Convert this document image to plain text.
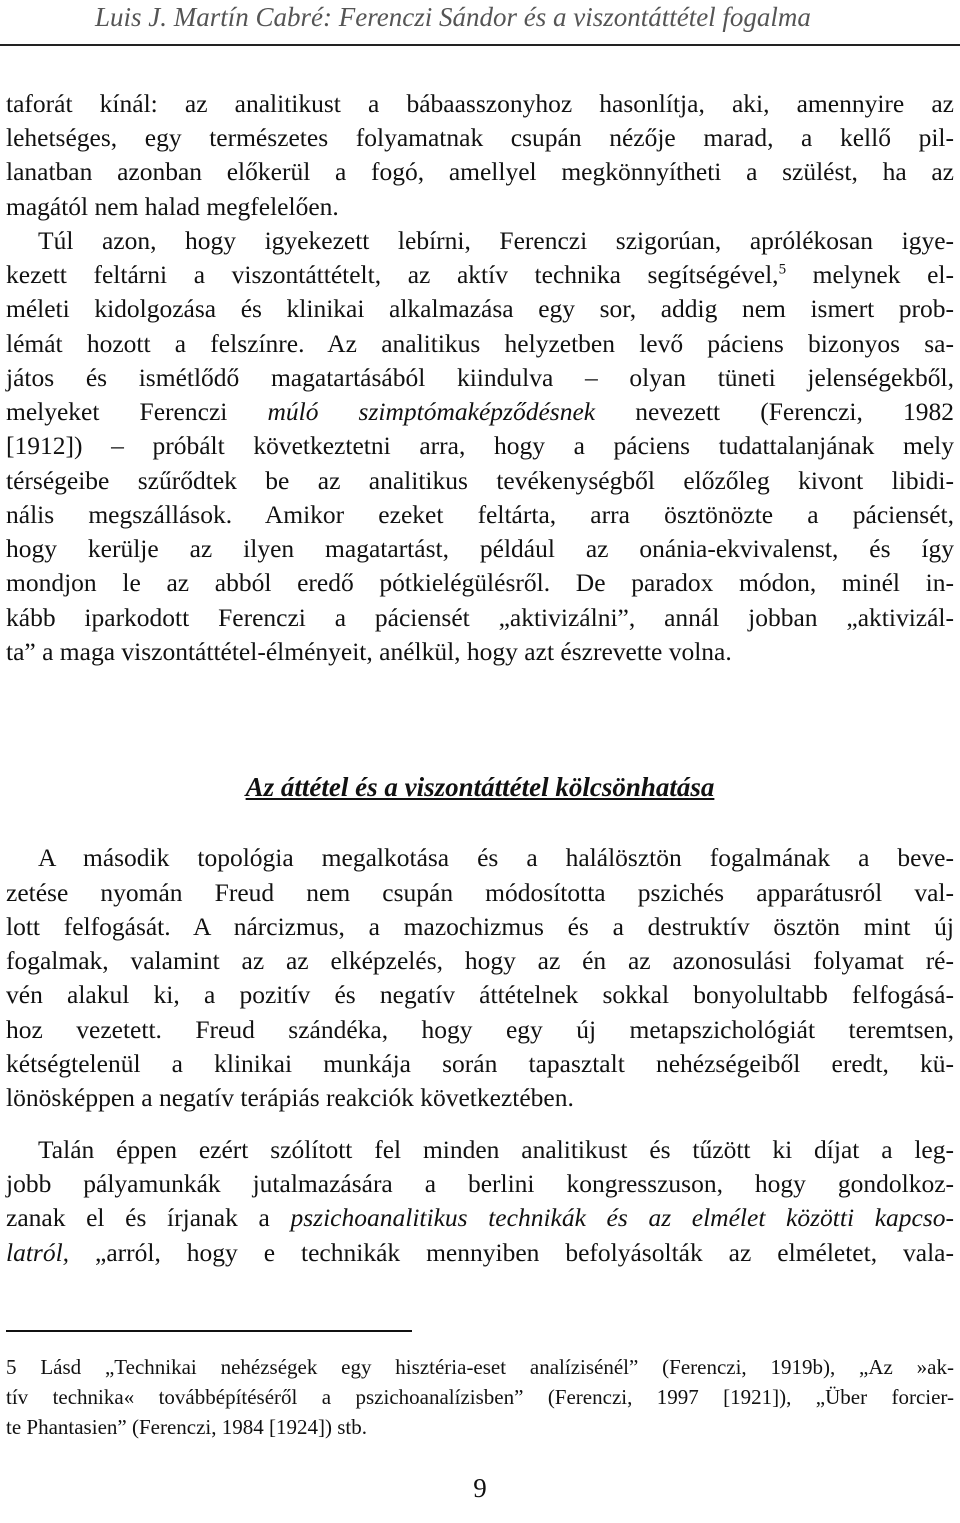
Luis J. Martín Cabré: Ferenczi Sándor és a viszontáttétel fogalma
taforát kínál: az analitikust a bábaasszonyhoz hasonlítja, aki, amennyire az
lehetséges, egy természetes folyamatnak csupán nézője marad, a kellő pil-
lanatban azonban előkerül a fogó, amellyel megkönnyítheti a szülést, ha az
magától nem halad megfelelően.
Túl azon, hogy igyekezett lebírni, Ferenczi szigorúan, aprólékosan igye-
kezett feltárni a viszontáttételt, az aktív technika segítségével,$^5$ melynek el-
méleti kidolgozása és klinikai alkalmazása egy sor, addig nem ismert prob-
lémát hozott a felszínre. Az analitikus helyzetben levő páciens bizonyos sa-
játos és ismétlődő magatartásából kiindulva – olyan tüneti jelenségekből,
melyeket Ferenczi múló szimptómaképződésnek nevezett (Ferenczi, 1982
[1912]) – próbált következtetni arra, hogy a páciens tudattalanjának mely
térségeibe szűrődtek be az analitikus tevékenységből előzőleg kivont libidi-
nális megszállások. Amikor ezeket feltárta, arra ösztönözte a páciensét,
hogy kerülje az ilyen magatartást, például az onánia-ekvivalenst, és így
mondjon le az abból eredő pótkielégülésről. De paradox módon, minél in-
kább iparkodott Ferenczi a páciensét „aktivizálni”, annál jobban „aktivizál-
ta” a maga viszontáttétel-élményeit, anélkül, hogy azt észrevette volna.
Az áttétel és a viszontáttétel kölcsönhatása
A második topológia megalkotása és a halálösztön fogalmának a beve-
zetése nyomán Freud nem csupán módosította pszichés apparátusról val-
lott felfogását. A nárcizmus, a mazochizmus és a destruktív ösztön mint új
fogalmak, valamint az az elképzelés, hogy az én az azonosulási folyamat ré-
vén alakul ki, a pozitív és negatív áttételnek sokkal bonyolultabb felfogásá-
hoz vezetett. Freud szándéka, hogy egy új metapszichológiát teremtsen,
kétségtelenül a klinikai munkája során tapasztalt nehézségeiből eredt, kü-
lönösképpen a negatív terápiás reakciók következtében.
Talán éppen ezért szólított fel minden analitikust és tűzött ki díjat a leg-
jobb pályamunkák jutalmazására a berlini kongresszuson, hogy gondolkoz-
zanak el és írjanak a pszichoanalitikus technikák és az elmélet közötti kapcso-
latról, „arról, hogy e technikák mennyiben befolyásolták az elméletet, vala-
5 Lásd „Technikai nehézségek egy hisztéria-eset analízisénél” (Ferenczi, 1919b), „Az »ak-
tív technika« továbbépítéséről a pszichoanalízisben” (Ferenczi, 1997 [1921]), „Über forcier-
te Phantasien” (Ferenczi, 1984 [1924]) stb.
9
